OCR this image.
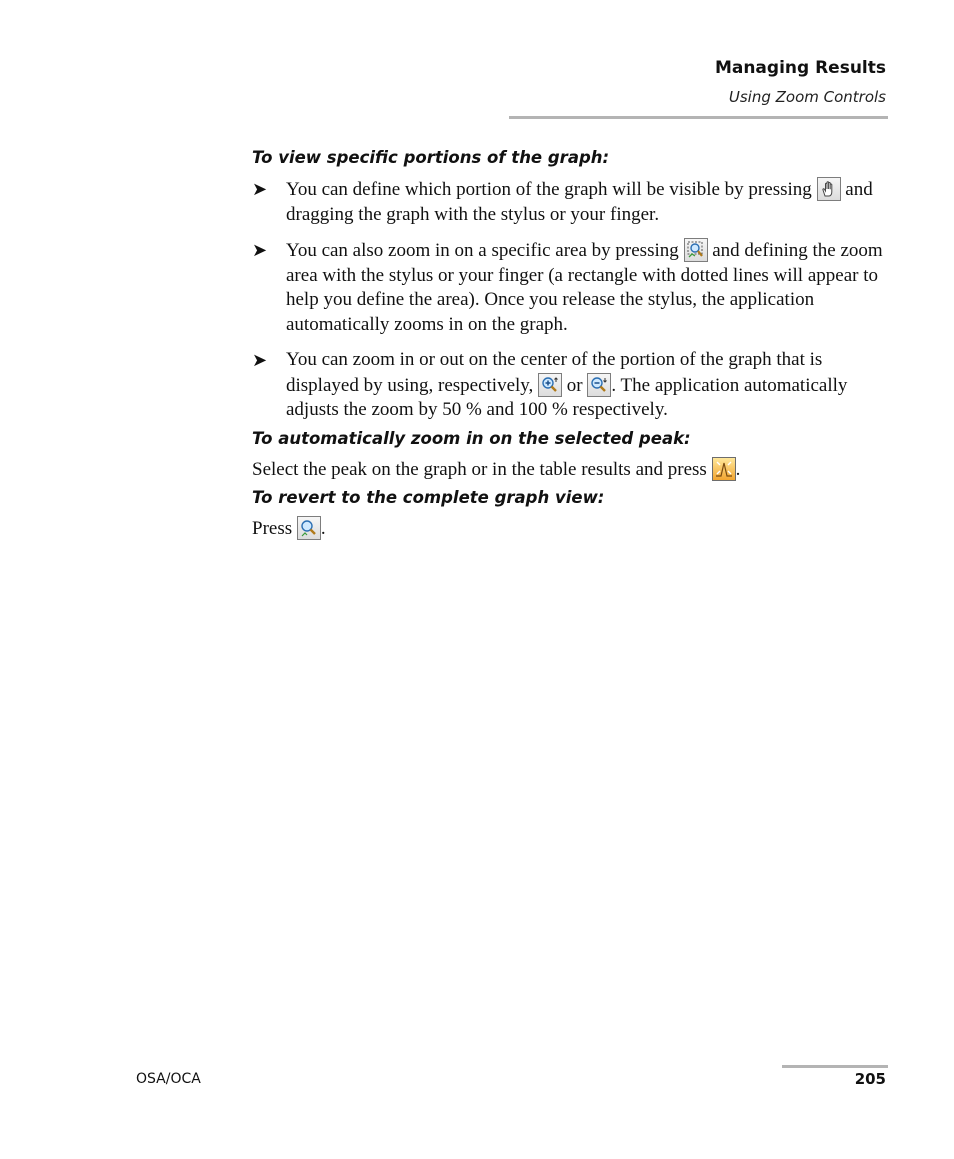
Managing Results
Using Zoom Controls

To view specific portions of the graph:

➤ You can define which portion of the graph will be visible by pressing
and dragging the graph with the stylus or your finger.
➤ You can also zoom in on a specific area by pressing
and defining the zoom area with the stylus or your finger (a rectangle with dotted lines will appear to help you define the area). Once you release the stylus, the application automatically zooms in on the graph.
➤ You can zoom in or out on the center of the portion of the graph that is displayed by using, respectively,
or
. The application automatically adjusts the zoom by 50 % and 100 % respectively.

To automatically zoom in on the selected peak:

Select the peak on the graph or in the table results and press
.

To revert to the complete graph view:

Press
.
OSA/OCA	205
